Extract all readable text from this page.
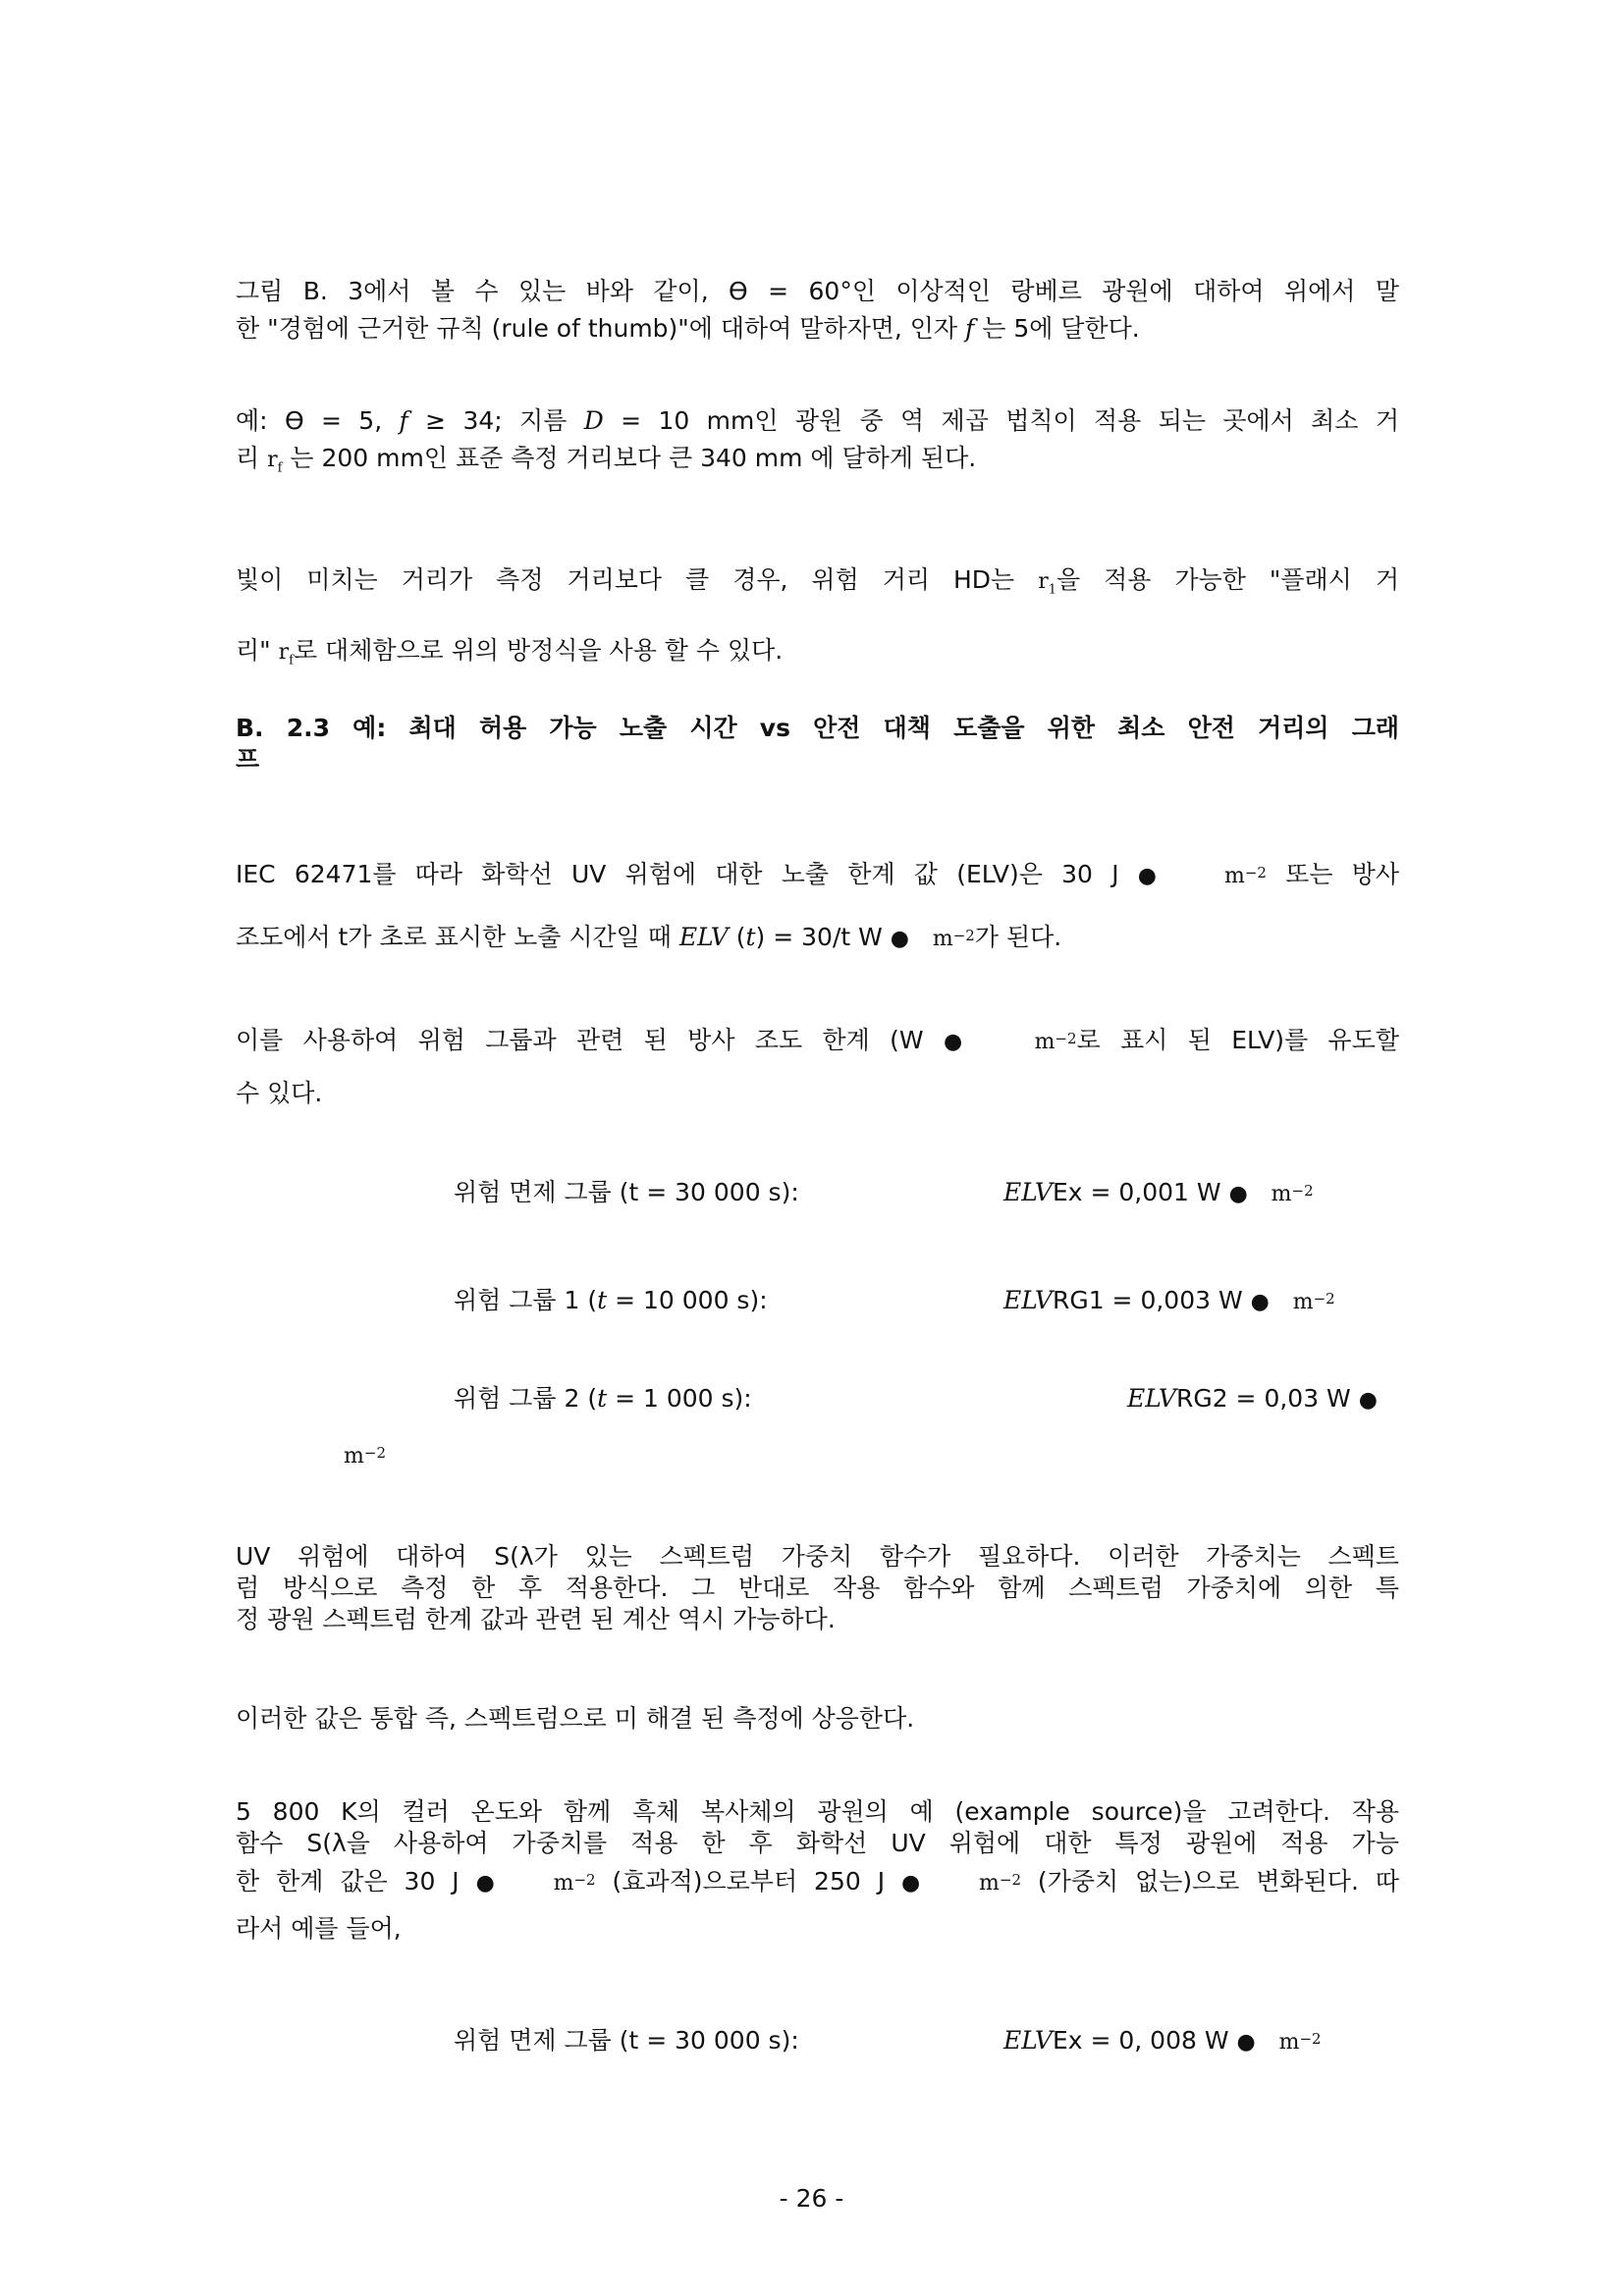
그림 B. 3에서 볼 수 있는 바와 같이, ϴ = 60°인 이상적인 랑베르 광원에 대하여 위에서 말
한 "경험에 근거한 규칙 (rule of thumb)"에 대하여 말하자면, 인자 f 는 5에 달한다.
예: ϴ = 5, f ≥ 34; 지름 D = 10 mm인 광원 중 역 제곱 법칙이 적용 되는 곳에서 최소 거
리 $r_f$ 는 200 mm인 표준 측정 거리보다 큰 340 mm 에 달하게 된다.
빛이 미치는 거리가 측정 거리보다 클 경우, 위험 거리 HD는 $r_1$을 적용 가능한 "플래시 거
리" $r_f$로 대체함으로 위의 방정식을 사용 할 수 있다.
B. 2.3 예: 최대 허용 가능 노출 시간 vs 안전 대책 도출을 위한 최소 안전 거리의 그래
프
IEC 62471를 따라 화학선 UV 위험에 대한 노출 한계 값 (ELV)은 30 J ●	$m^{-2}$ 또는 방사
조도에서 t가 초로 표시한 노출 시간일 때 ELV (t) = 30/t W ● $m^{-2}$가 된다.
이를 사용하여 위험 그룹과 관련 된 방사 조도 한계 (W ●	$m^{-2}$로 표시 된 ELV)를 유도할
수 있다.
위험 면제 그룹 (t = 30 000 s):	ELVEx = 0,001 W ● $m^{-2}$
위험 그룹 1 (t = 10 000 s):	ELVRG1 = 0,003 W ● $m^{-2}$
위험 그룹 2 (t = 1 000 s):	ELVRG2 = 0,03 W ●
$m^{-2}$
UV 위험에 대하여 S(λ가 있는 스펙트럼 가중치 함수가 필요하다. 이러한 가중치는 스펙트
럼 방식으로 측정 한 후 적용한다. 그 반대로 작용 함수와 함께 스펙트럼 가중치에 의한 특
정 광원 스펙트럼 한계 값과 관련 된 계산 역시 가능하다.
이러한 값은 통합 즉, 스펙트럼으로 미 해결 된 측정에 상응한다.
5 800 K의 컬러 온도와 함께 흑체 복사체의 광원의 예 (example source)을 고려한다. 작용
함수 S(λ을 사용하여 가중치를 적용 한 후 화학선 UV 위험에 대한 특정 광원에 적용 가능
한 한계 값은 30 J ● $m^{-2}$ (효과적)으로부터 250 J ● $m^{-2}$ (가중치 없는)으로 변화된다. 따
라서 예를 들어,
위험 면제 그룹 (t = 30 000 s):	ELVEx = 0, 008 W ● $m^{-2}$
- 26 -
